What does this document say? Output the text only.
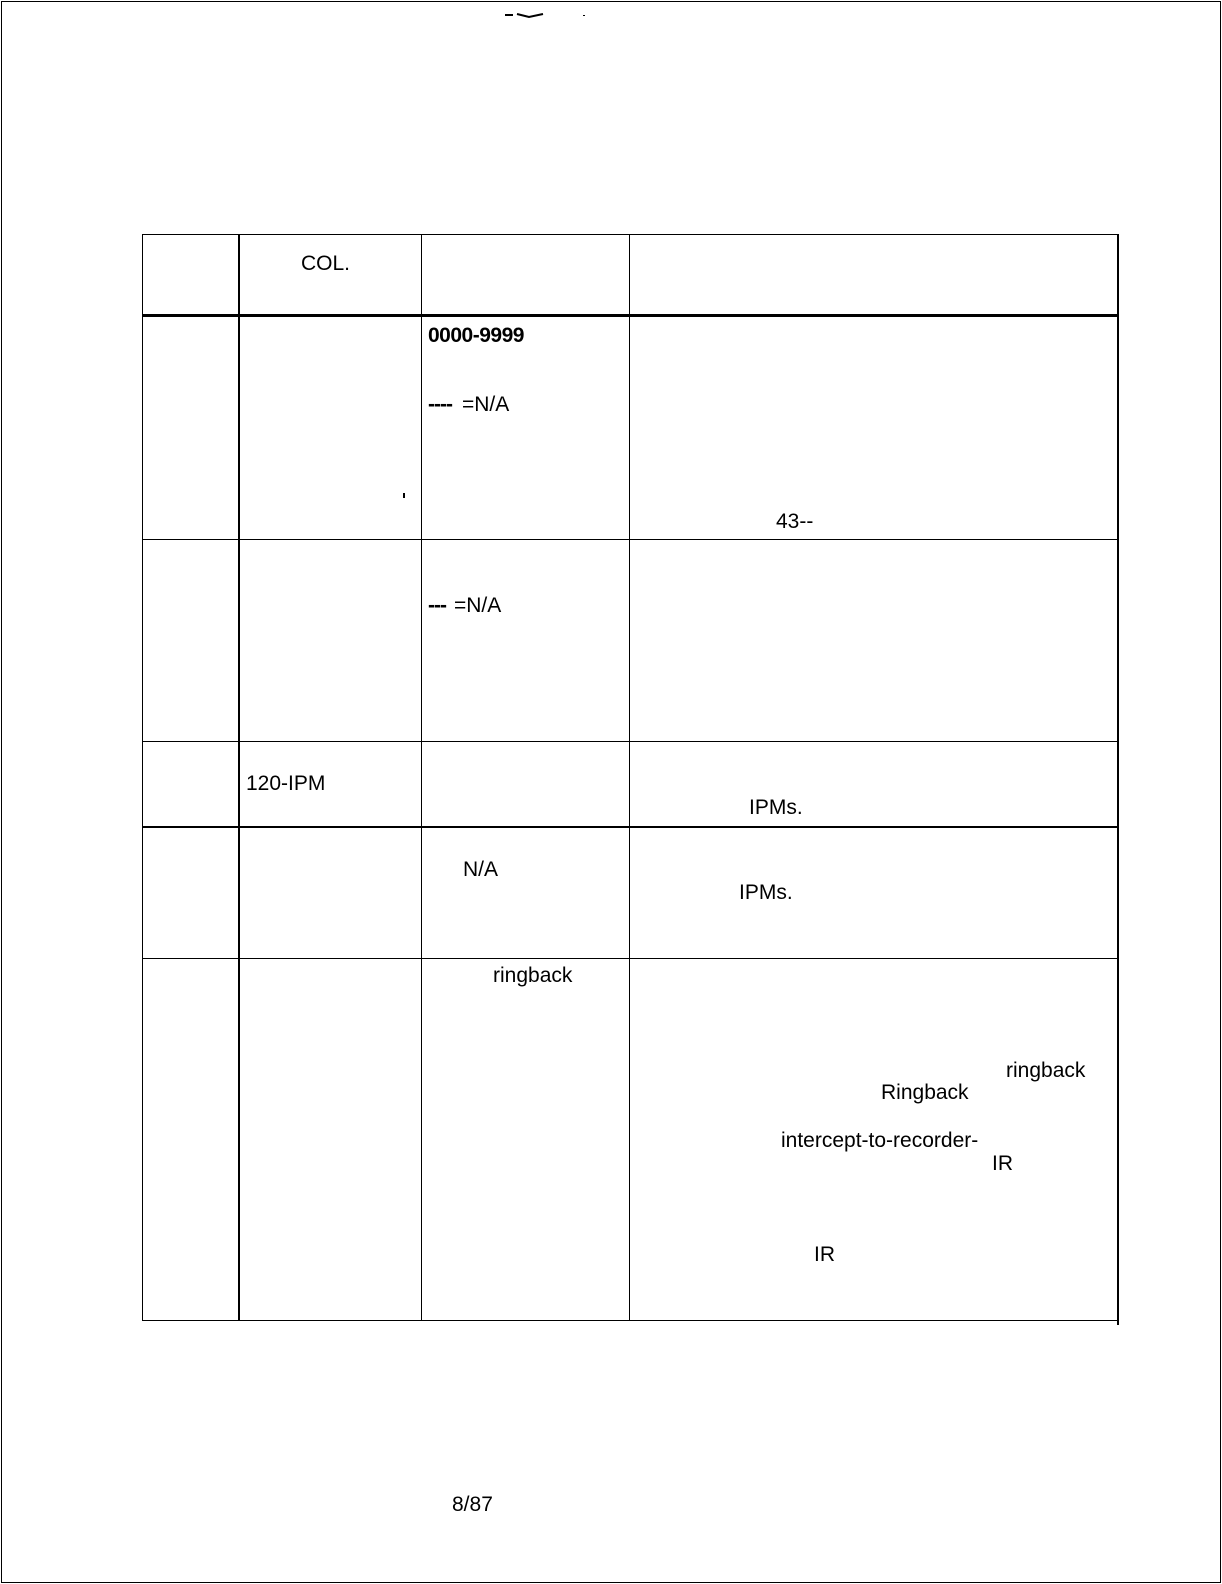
COL.
0000-9999
---- =N/A
43--
--- =N/A
120-IPM
IPMs.
N/A
IPMs.
ringback
ringback
Ringback
intercept-to-recorder-
IR
IR
8/87
